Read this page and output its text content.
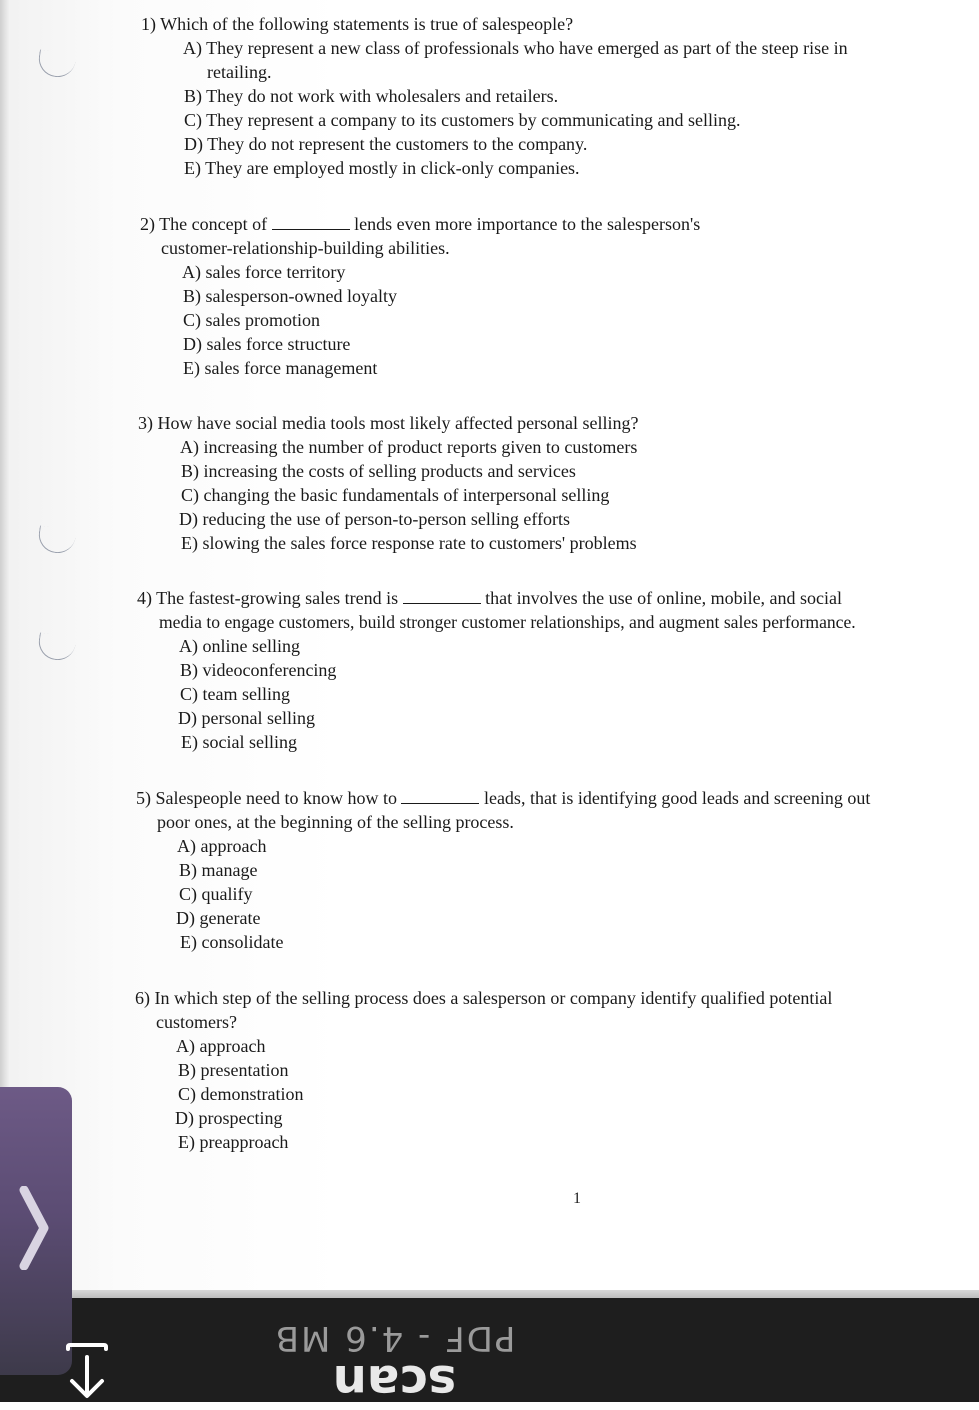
1) Which of the following statements is true of salespeople?
A) They represent a new class of professionals who have emerged as part of the steep rise in
retailing.
B) They do not work with wholesalers and retailers.
C) They represent a company to its customers by communicating and selling.
D) They do not represent the customers to the company.
E) They are employed mostly in click-only companies.
2) The concept of	lends even more importance to the salesperson's
customer-relationship-building abilities.
A) sales force territory
B) salesperson-owned loyalty
C) sales promotion
D) sales force structure
E) sales force management
3) How have social media tools most likely affected personal selling?
A) increasing the number of product reports given to customers
B) increasing the costs of selling products and services
C) changing the basic fundamentals of interpersonal selling
D) reducing the use of person-to-person selling efforts
E) slowing the sales force response rate to customers' problems
4) The fastest-growing sales trend is	that involves the use of online, mobile, and social
media to engage customers, build stronger customer relationships, and augment sales performance.
A) online selling
B) videoconferencing
C) team selling
D) personal selling
E) social selling
5) Salespeople need to know how to	leads, that is identifying good leads and screening out
poor ones, at the beginning of the selling process.
A) approach
B) manage
C) qualify
D) generate
E) consolidate
6) In which step of the selling process does a salesperson or company identify qualified potential
customers?
A) approach
B) presentation
C) demonstration
D) prospecting
E) preapproach
1
PDF - 4.6 MB
scan
